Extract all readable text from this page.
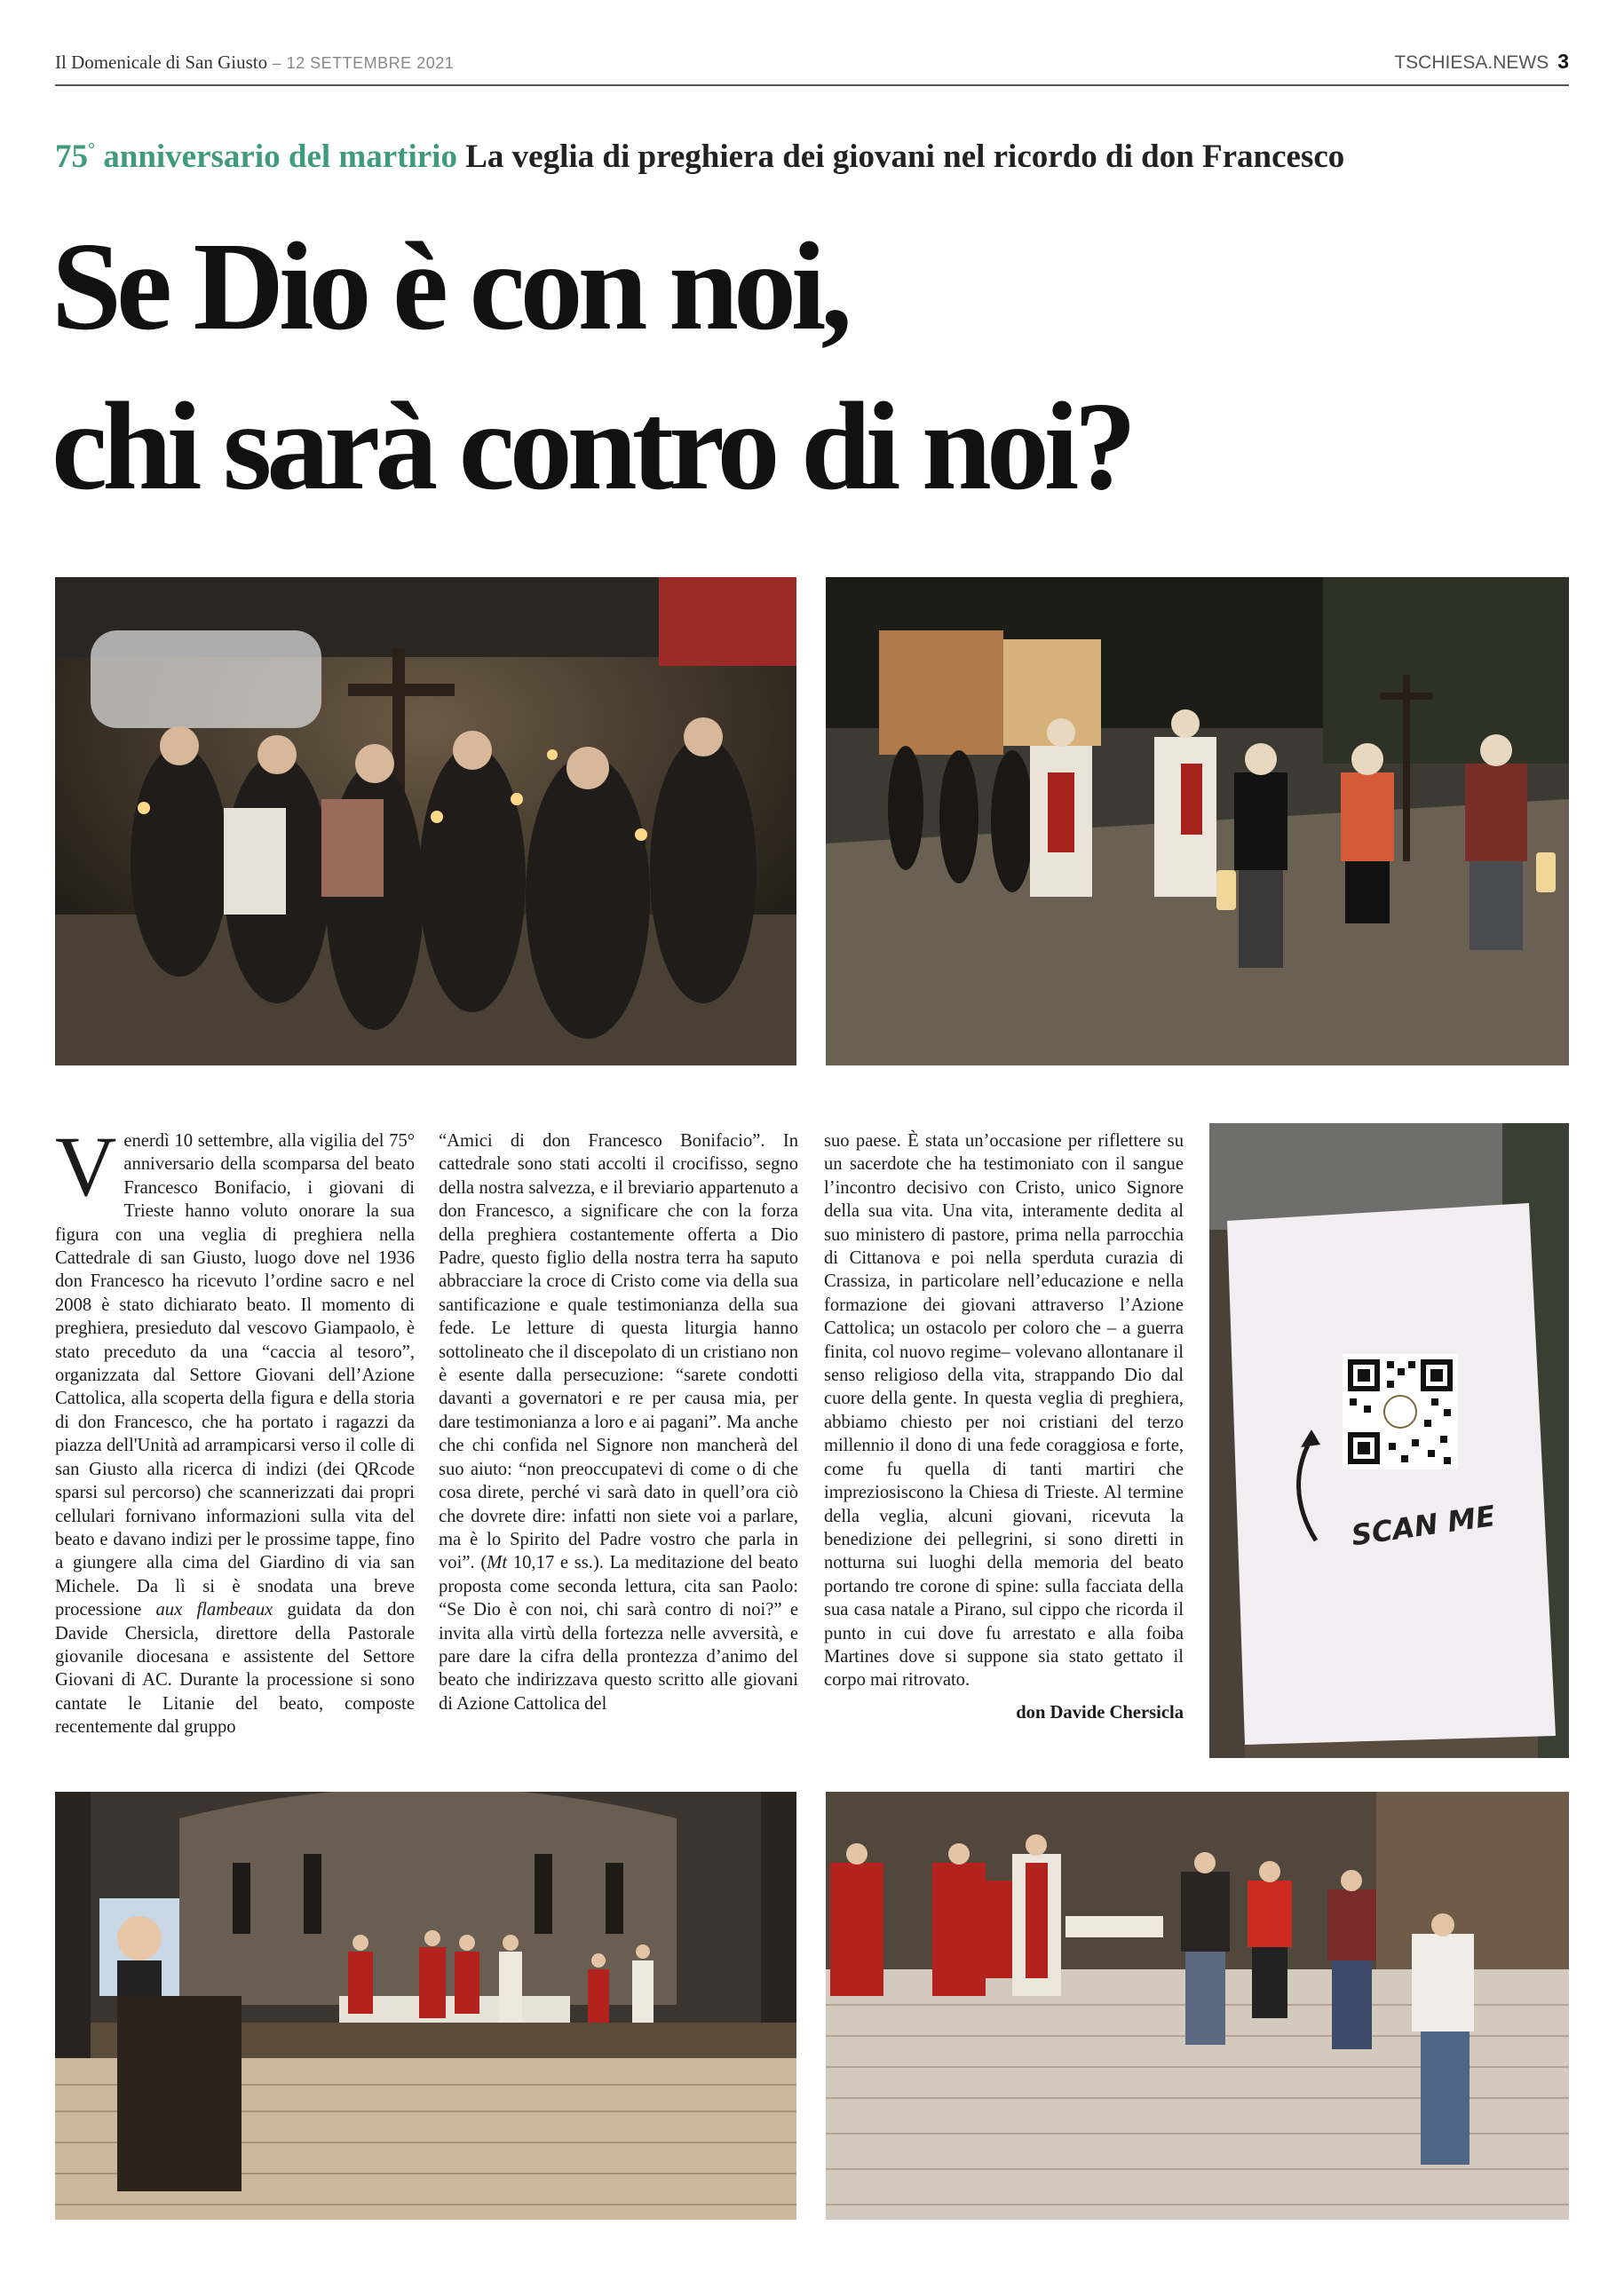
Il Domenicale di San Giusto – 12 SETTEMBRE 2021	TSCHIESA.NEWS 3
75° anniversario del martirio La veglia di preghiera dei giovani nel ricordo di don Francesco
Se Dio è con noi,
chi sarà contro di noi?

Venerdì 10 settembre, alla vigilia del 75° anniversario della scomparsa del beato Francesco Bonifacio, i giovani di Trieste hanno voluto onorare la sua figura con una veglia di preghiera nella Cattedrale di san Giusto, luogo dove nel 1936 don Francesco ha ricevuto l’ordine sacro e nel 2008 è stato dichiarato beato. Il momento di preghiera, presieduto dal vescovo Giampaolo, è stato preceduto da una “caccia al tesoro”, organizzata dal Settore Giovani dell’Azione Cattolica, alla scoperta della figura e della storia di don Francesco, che ha portato i ragazzi da piazza dell'Unità ad arrampicarsi verso il colle di san Giusto alla ricerca di indizi (dei QRcode sparsi sul percorso) che scannerizzati dai propri cellulari fornivano informazioni sulla vita del beato e davano indizi per le prossime tappe, fino a giungere alla cima del Giardino di via san Michele. Da lì si è snodata una breve processione aux flambeaux guidata da don Davide Chersicla, direttore della Pastorale giovanile diocesana e assistente del Settore Giovani di AC. Durante la processione si sono cantate le Litanie del beato, composte recentemente dal gruppo

“Amici di don Francesco Bonifacio”. In cattedrale sono stati accolti il crocifisso, segno della nostra salvezza, e il breviario appartenuto a don Francesco, a significare che con la forza della preghiera costantemente offerta a Dio Padre, questo figlio della nostra terra ha saputo abbracciare la croce di Cristo come via della sua santificazione e quale testimonianza della sua fede. Le letture di questa liturgia hanno sottolineato che il discepolato di un cristiano non è esente dalla persecuzione: “sarete condotti davanti a governatori e re per causa mia, per dare testimonianza a loro e ai pagani”. Ma anche che chi confida nel Signore non mancherà del suo aiuto: “non preoccupatevi di come o di che cosa direte, perché vi sarà dato in quell’ora ciò che dovrete dire: infatti non siete voi a parlare, ma è lo Spirito del Padre vostro che parla in voi”. (Mt 10,17 e ss.). La meditazione del beato proposta come seconda lettura, cita san Paolo: “Se Dio è con noi, chi sarà contro di noi?” e invita alla virtù della fortezza nelle avversità, e pare dare la cifra della prontezza d’animo del beato che indirizzava questo scritto alle giovani di Azione Cattolica del

suo paese. È stata un’occasione per riflettere su un sacerdote che ha testimoniato con il sangue l’incontro decisivo con Cristo, unico Signore della sua vita. Una vita, interamente dedita al suo ministero di pastore, prima nella parrocchia di Cittanova e poi nella sperduta curazia di Crassiza, in particolare nell’educazione e nella formazione dei giovani attraverso l’Azione Cattolica; un ostacolo per coloro che – a guerra finita, col nuovo regime– volevano allontanare il senso religioso della vita, strappando Dio dal cuore della gente. In questa veglia di preghiera, abbiamo chiesto per noi cristiani del terzo millennio il dono di una fede coraggiosa e forte, come fu quella di tanti martiri che impreziosiscono la Chiesa di Trieste. Al termine della veglia, alcuni giovani, ricevuta la benedizione dei pellegrini, si sono diretti in notturna sui luoghi della memoria del beato portando tre corone di spine: sulla facciata della sua casa natale a Pirano, sul cippo che ricorda il punto in cui dove fu arrestato e alla foiba Martines dove si suppone sia stato gettato il corpo mai ritrovato.

don Davide Chersicla
SCAN ME
